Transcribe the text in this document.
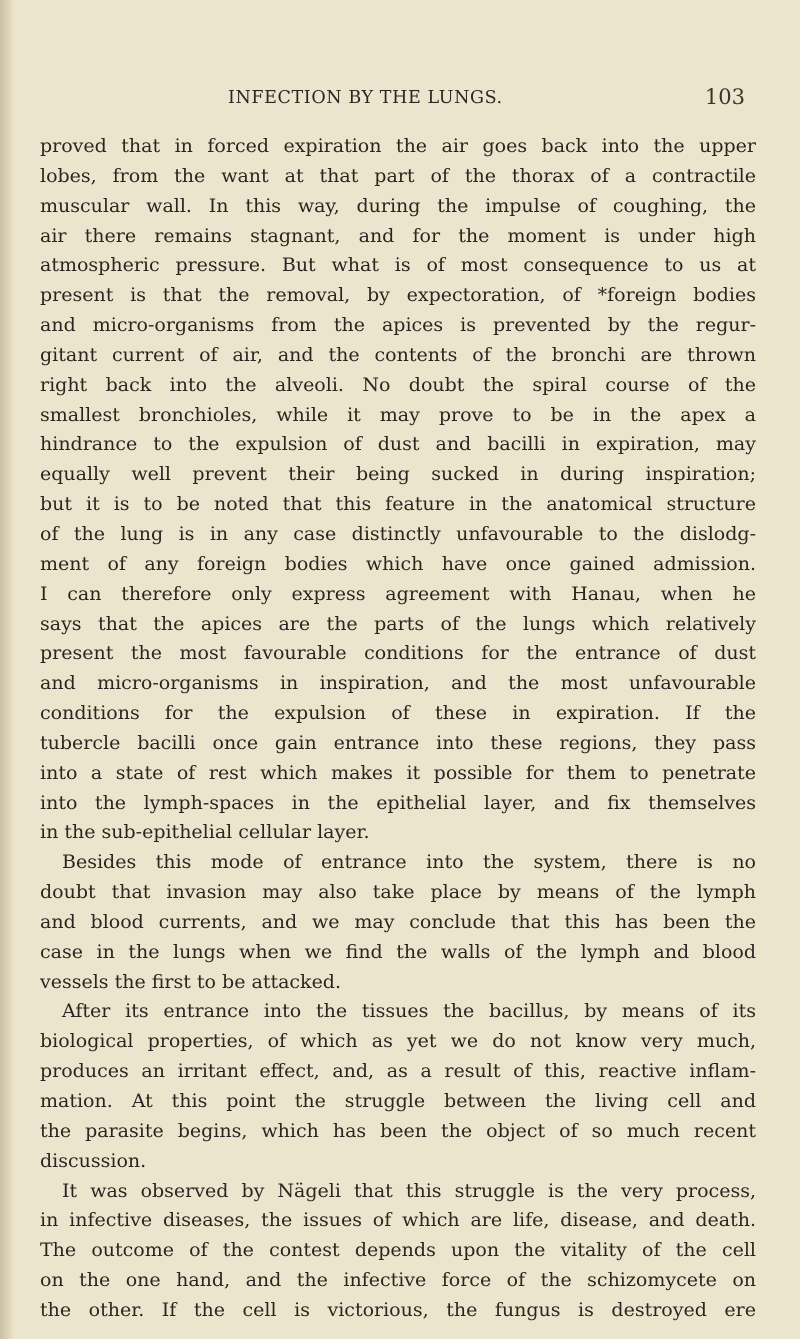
INFECTION BY THE LUNGS.	103
proved that in forced expiration the air goes back into the upper
lobes, from the want at that part of the thorax of a contractile
muscular wall. In this way, during the impulse of coughing, the
air there remains stagnant, and for the moment is under high
atmospheric pressure. But what is of most consequence to us at
present is that the removal, by expectoration, of *foreign bodies
and micro-organisms from the apices is prevented by the regur-
gitant current of air, and the contents of the bronchi are thrown
right back into the alveoli. No doubt the spiral course of the
smallest bronchioles, while it may prove to be in the apex a
hindrance to the expulsion of dust and bacilli in expiration, may
equally well prevent their being sucked in during inspiration;
but it is to be noted that this feature in the anatomical structure
of the lung is in any case distinctly unfavourable to the dislodg-
ment of any foreign bodies which have once gained admission.
I can therefore only express agreement with Hanau, when he
says that the apices are the parts of the lungs which relatively
present the most favourable conditions for the entrance of dust
and micro-organisms in inspiration, and the most unfavourable
conditions for the expulsion of these in expiration. If the
tubercle bacilli once gain entrance into these regions, they pass
into a state of rest which makes it possible for them to penetrate
into the lymph-spaces in the epithelial layer, and fix themselves
in the sub-epithelial cellular layer.
Besides this mode of entrance into the system, there is no
doubt that invasion may also take place by means of the lymph
and blood currents, and we may conclude that this has been the
case in the lungs when we find the walls of the lymph and blood
vessels the first to be attacked.
After its entrance into the tissues the bacillus, by means of its
biological properties, of which as yet we do not know very much,
produces an irritant effect, and, as a result of this, reactive inflam-
mation. At this point the struggle between the living cell and
the parasite begins, which has been the object of so much recent
discussion.
It was observed by Nägeli that this struggle is the very process,
in infective diseases, the issues of which are life, disease, and death.
The outcome of the contest depends upon the vitality of the cell
on the one hand, and the infective force of the schizomycete on
the other. If the cell is victorious, the fungus is destroyed ere
